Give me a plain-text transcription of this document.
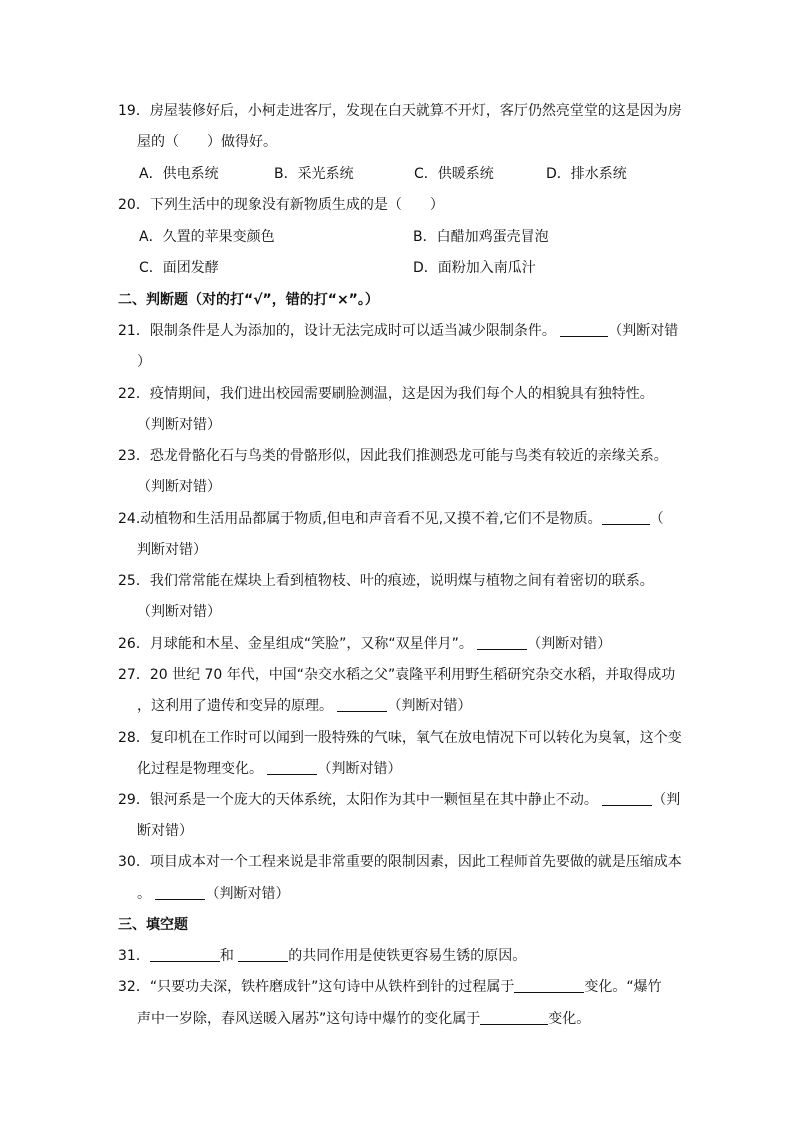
19．房屋装修好后，小柯走进客厅，发现在白天就算不开灯，客厅仍然亮堂堂的这是因为房
屋的（　　）做得好。
A．供电系统	B．采光系统	C．供暖系统	D．排水系统
20．下列生活中的现象没有新物质生成的是（　　）
A．久置的苹果变颜色	B．白醋加鸡蛋壳冒泡
C．面团发酵	D．面粉加入南瓜汁
二、判断题（对的打“√”，错的打“×”。）
21．限制条件是人为添加的，设计无法完成时可以适当减少限制条件。	（判断对错
）
22．疫情期间，我们进出校园需要刷脸测温，这是因为我们每个人的相貌具有独特性。
（判断对错）
23．恐龙骨骼化石与鸟类的骨骼形似，因此我们推测恐龙可能与鸟类有较近的亲缘关系。
（判断对错）
24.动植物和生活用品都属于物质,但电和声音看不见,又摸不着,它们不是物质。	（
判断对错）
25．我们常常能在煤块上看到植物枝、叶的痕迹，说明煤与植物之间有着密切的联系。
（判断对错）
26．月球能和木星、金星组成“笑脸”，又称“双星伴月”。	（判断对错）
27．20 世纪 70 年代，中国“杂交水稻之父”袁隆平利用野生稻研究杂交水稻，并取得成功
，这利用了遗传和变异的原理。	（判断对错）
28．复印机在工作时可以闻到一股特殊的气味，氧气在放电情况下可以转化为臭氧，这个变
化过程是物理变化。	（判断对错）
29．银河系是一个庞大的天体系统，太阳作为其中一颗恒星在其中静止不动。	（判
断对错）
30．项目成本对一个工程来说是非常重要的限制因素，因此工程师首先要做的就是压缩成本
。	（判断对错）
三、填空题
31．	和	的共同作用是使铁更容易生锈的原因。
32．“只要功夫深，铁杵磨成针”这句诗中从铁杵到针的过程属于	变化。“爆竹
声中一岁除，春风送暖入屠苏”这句诗中爆竹的变化属于	变化。
